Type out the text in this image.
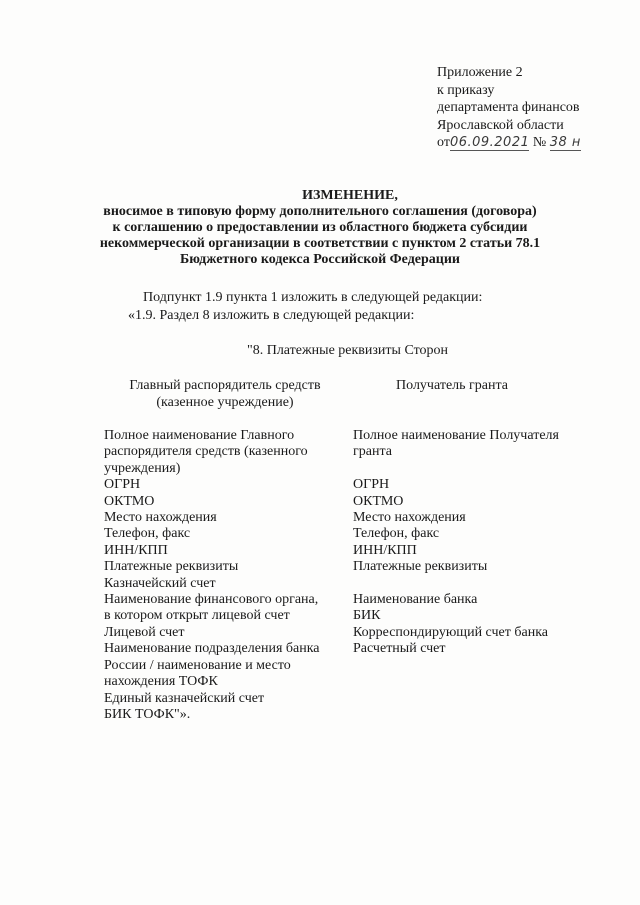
Приложение 2
к приказу
департамента финансов
Ярославской области
от06.09.2021 № 38 н
ИЗМЕНЕНИЕ,
вносимое в типовую форму дополнительного соглашения (договора)
к соглашению о предоставлении из областного бюджета субсидии
некоммерческой организации в соответствии с пунктом 2 статьи 78.1
Бюджетного кодекса Российской Федерации
Подпункт 1.9 пункта 1 изложить в следующей редакции:
«1.9. Раздел 8 изложить в следующей редакции:
"8. Платежные реквизиты Сторон
Главный распорядитель средств
(казенное учреждение)
Получатель гранта
Полное наименование Главного
распорядителя средств (казенного
учреждения)
ОГРН
ОКТМО
Место нахождения
Телефон, факс
ИНН/КПП
Платежные реквизиты
Казначейский счет
Наименование финансового органа,
в котором открыт лицевой счет
Лицевой счет
Наименование подразделения банка
России / наименование и место
нахождения ТОФК
Единый казначейский счет
БИК ТОФК"».
Полное наименование Получателя
гранта
ОГРН
ОКТМО
Место нахождения
Телефон, факс
ИНН/КПП
Платежные реквизиты
Наименование банка
БИК
Корреспондирующий счет банка
Расчетный счет
